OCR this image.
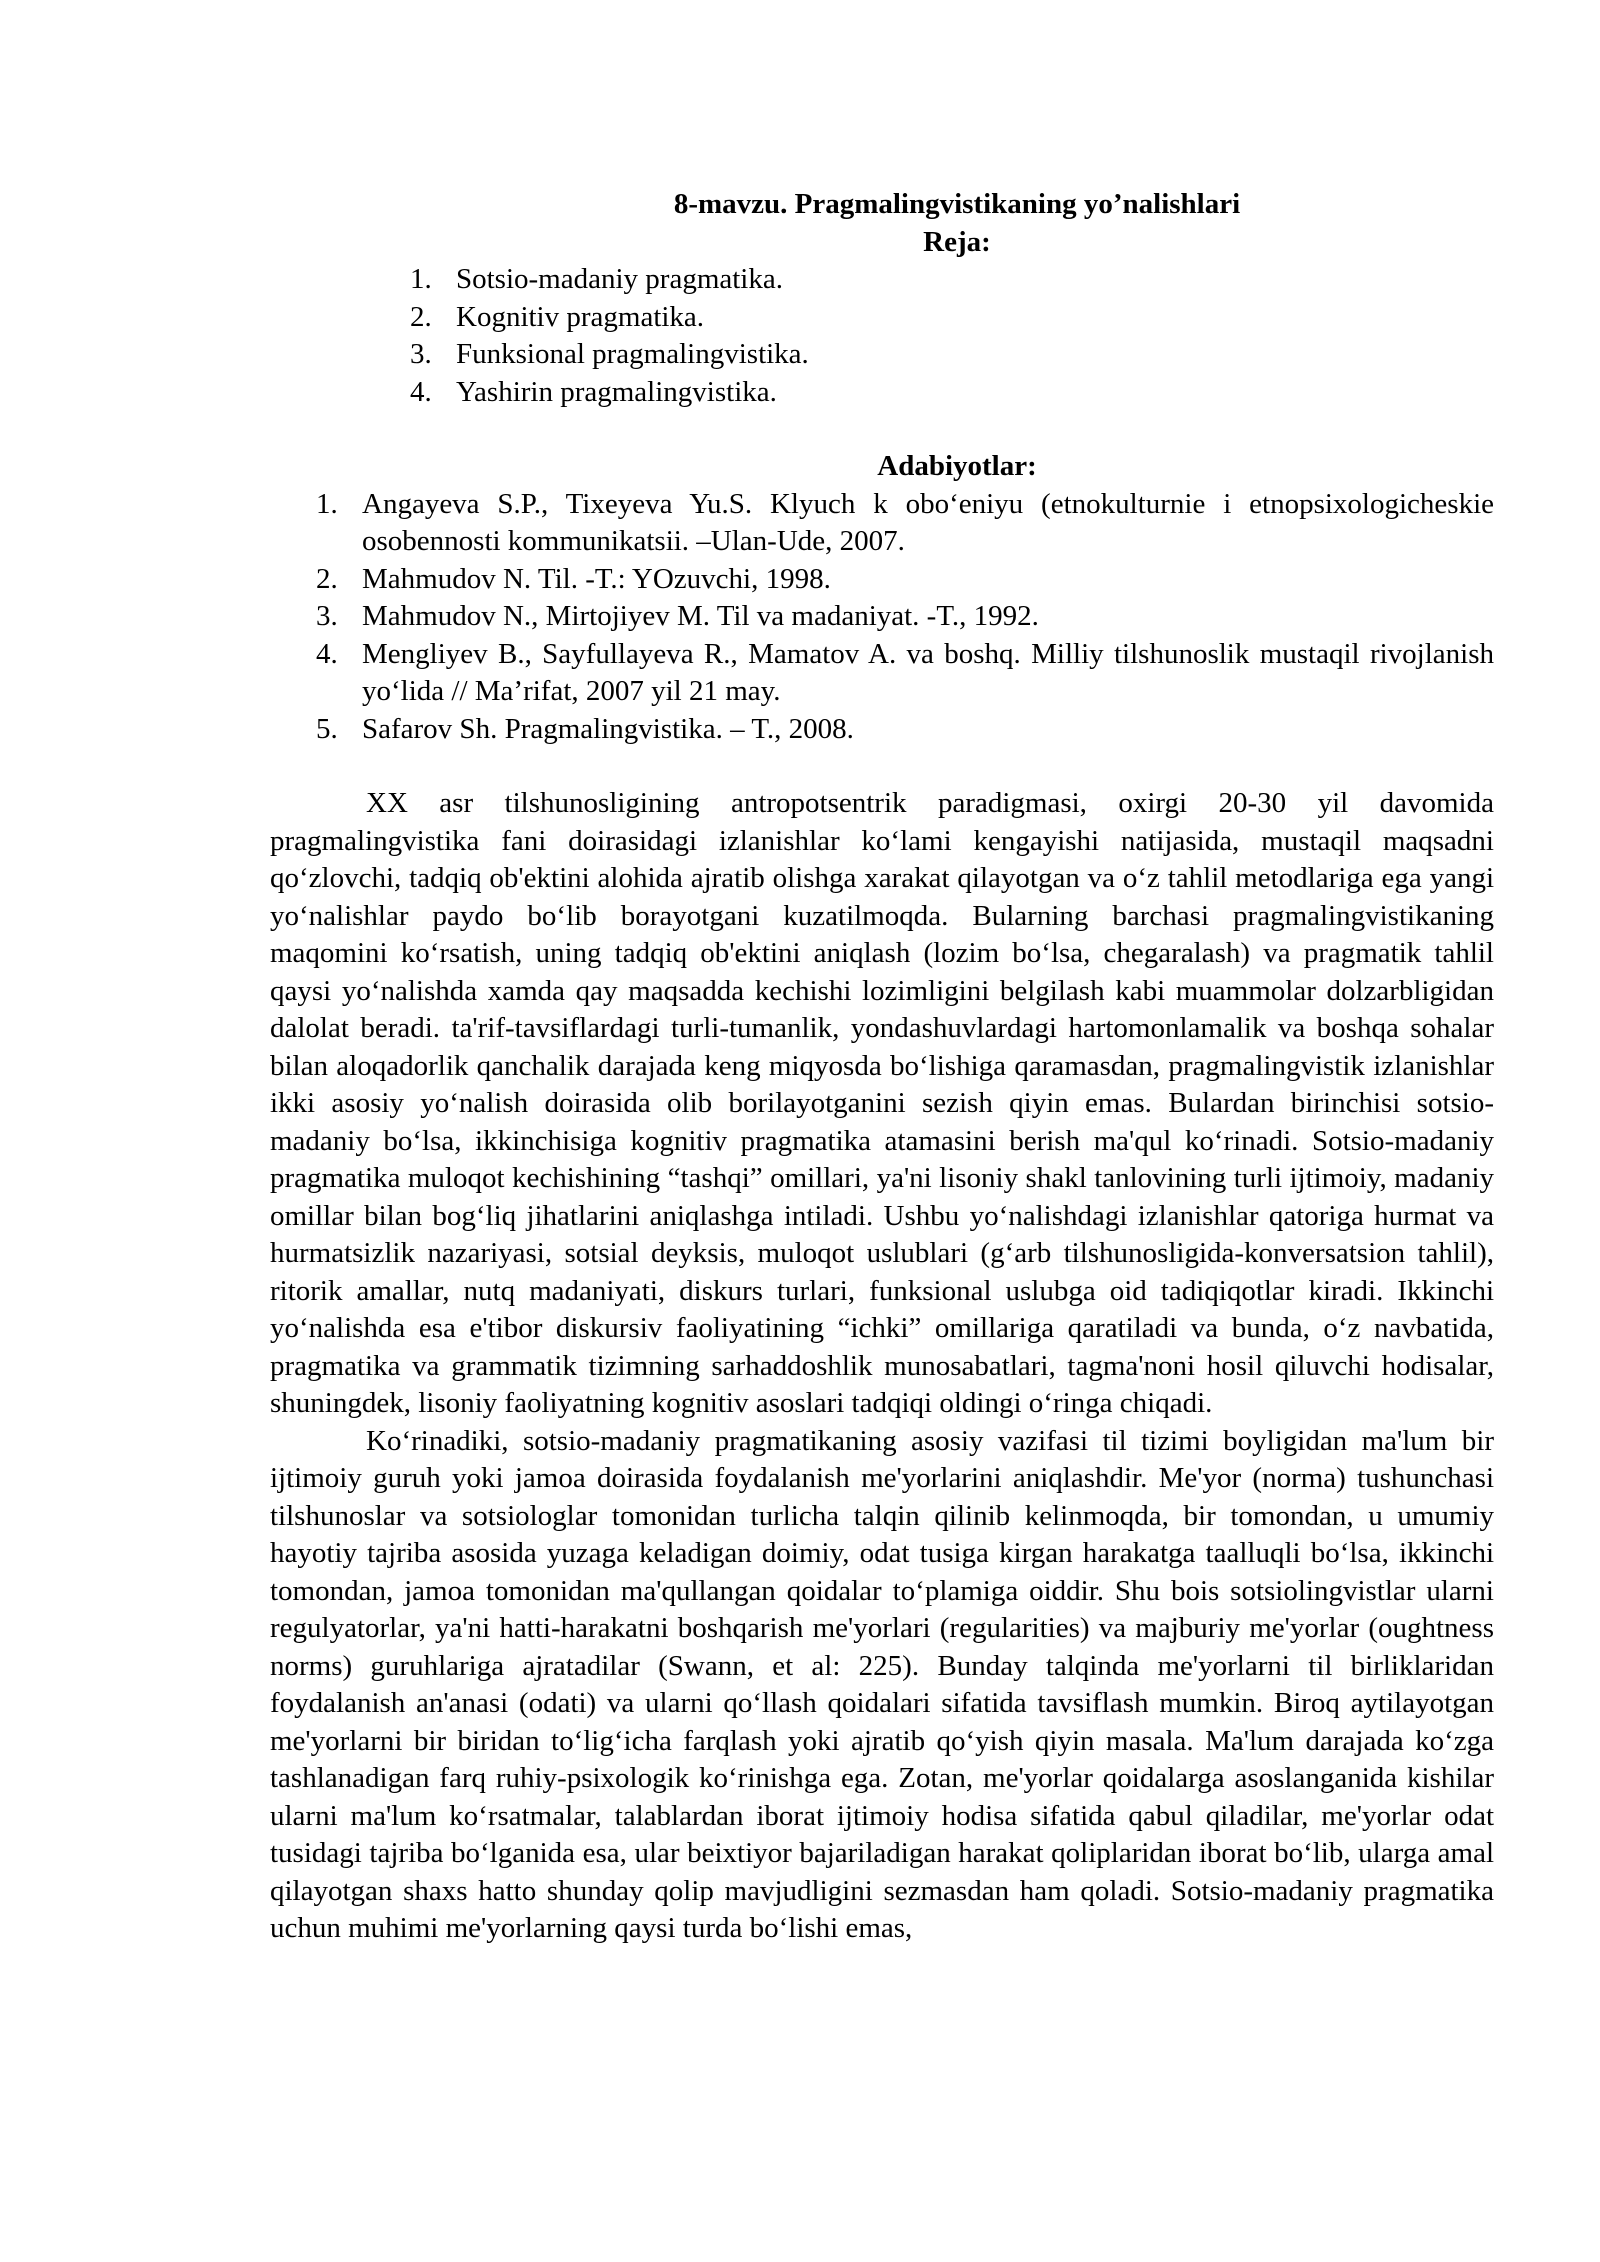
8-mavzu. Pragmalingvistikaning yo’nalishlari

Reja:

1. Sotsio-madaniy pragmatika.
2. Kognitiv pragmatika.
3. Funksional pragmalingvistika.
4. Yashirin pragmalingvistika.

Adabiyotlar:

1. Angayeva S.P., Tixeyeva Yu.S. Klyuch k obo‘eniyu (etnokulturnie i etnopsixologicheskie osobennosti kommunikatsii. –Ulan-Ude, 2007.
2. Mahmudov N. Til. -T.: YOzuvchi, 1998.
3. Mahmudov N., Mirtojiyev M. Til va madaniyat. -T., 1992.
4. Mengliyev B., Sayfullayeva R., Mamatov A. va boshq. Milliy tilshunoslik mustaqil rivojlanish yo‘lida // Ma’rifat, 2007 yil 21 may.
5. Safarov Sh. Pragmalingvistika. – T., 2008.

XX asr tilshunosligining antropotsentrik paradigmasi, oxirgi 20-30 yil davomida pragmalingvistika fani doirasidagi izlanishlar ko‘lami kengayishi natijasida, mustaqil maqsadni qo‘zlovchi, tadqiq ob'ektini alohida ajratib olishga xarakat qilayotgan va o‘z tahlil metodlariga ega yangi yo‘nalishlar paydo bo‘lib borayotgani kuzatilmoqda. Bularning barchasi pragmalingvistikaning maqomini ko‘rsatish, uning tadqiq ob'ektini aniqlash (lozim bo‘lsa, chegaralash) va pragmatik tahlil qaysi yo‘nalishda xamda qay maqsadda kechishi lozimligini belgilash kabi muammolar dolzarbligidan dalolat beradi. ta'rif-tavsiflardagi turli-tumanlik, yondashuvlardagi hartomonlamalik va boshqa sohalar bilan aloqadorlik qanchalik darajada keng miqyosda bo‘lishiga qaramasdan, pragmalingvistik izlanishlar ikki asosiy yo‘nalish doirasida olib borilayotganini sezish qiyin emas. Bulardan birinchisi sotsio-madaniy bo‘lsa, ikkinchisiga kognitiv pragmatika atamasini berish ma'qul ko‘rinadi. Sotsio-madaniy pragmatika muloqot kechishining “tashqi” omillari, ya'ni lisoniy shakl tanlovining turli ijtimoiy, madaniy omillar bilan bog‘liq jihatlarini aniqlashga intiladi. Ushbu yo‘nalishdagi izlanishlar qatoriga hurmat va hurmatsizlik nazariyasi, sotsial deyksis, muloqot uslublari (g‘arb tilshunosligida-konversatsion tahlil), ritorik amallar, nutq madaniyati, diskurs turlari, funksional uslubga oid tadiqiqotlar kiradi. Ikkinchi yo‘nalishda esa e'tibor diskursiv faoliyatining “ichki” omillariga qaratiladi va bunda, o‘z navbatida, pragmatika va grammatik tizimning sarhaddoshlik munosabatlari, tagma'noni hosil qiluvchi hodisalar, shuningdek, lisoniy faoliyatning kognitiv asoslari tadqiqi oldingi o‘ringa chiqadi.

Ko‘rinadiki, sotsio-madaniy pragmatikaning asosiy vazifasi til tizimi boyligidan ma'lum bir ijtimoiy guruh yoki jamoa doirasida foydalanish me'yorlarini aniqlashdir. Me'yor (norma) tushunchasi tilshunoslar va sotsiologlar tomonidan turlicha talqin qilinib kelinmoqda, bir tomondan, u umumiy hayotiy tajriba asosida yuzaga keladigan doimiy, odat tusiga kirgan harakatga taalluqli bo‘lsa, ikkinchi tomondan, jamoa tomonidan ma'qullangan qoidalar to‘plamiga oiddir. Shu bois sotsiolingvistlar ularni regulyatorlar, ya'ni hatti-harakatni boshqarish me'yorlari (regularities) va majburiy me'yorlar (oughtness norms) guruhlariga ajratadilar (Swann, et al: 225). Bunday talqinda me'yorlarni til birliklaridan foydalanish an'anasi (odati) va ularni qo‘llash qoidalari sifatida tavsiflash mumkin. Biroq aytilayotgan me'yorlarni bir biridan to‘lig‘icha farqlash yoki ajratib qo‘yish qiyin masala. Ma'lum darajada ko‘zga tashlanadigan farq ruhiy-psixologik ko‘rinishga ega. Zotan, me'yorlar qoidalarga asoslanganida kishilar ularni ma'lum ko‘rsatmalar, talablardan iborat ijtimoiy hodisa sifatida qabul qiladilar, me'yorlar odat tusidagi tajriba bo‘lganida esa, ular beixtiyor bajariladigan harakat qoliplaridan iborat bo‘lib, ularga amal qilayotgan shaxs hatto shunday qolip mavjudligini sezmasdan ham qoladi. Sotsio-madaniy pragmatika uchun muhimi me'yorlarning qaysi turda bo‘lishi emas,
